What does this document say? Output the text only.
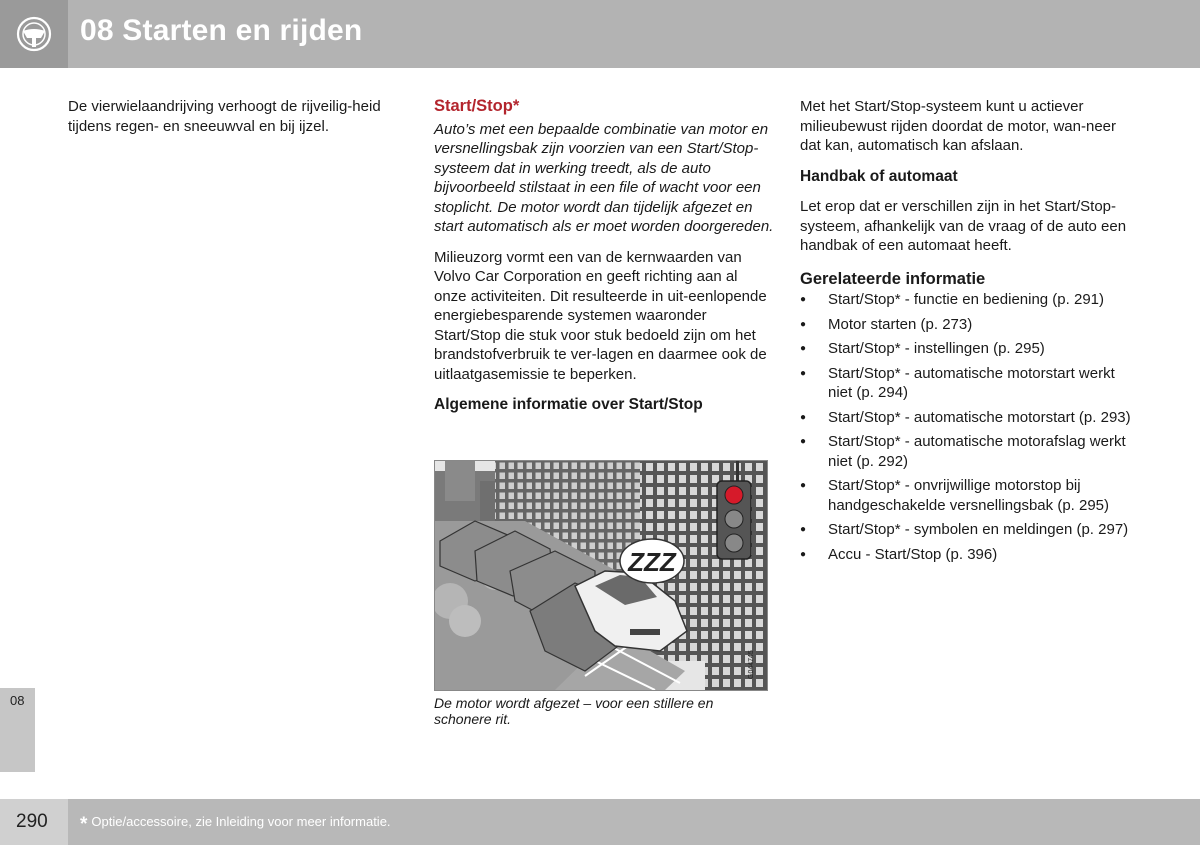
08 Starten en rijden
08

De vierwielaandrijving verhoogt de rijveilig-heid tijdens regen- en sneeuwval en bij ijzel.

Start/Stop*

Auto’s met een bepaalde combinatie van motor en versnellingsbak zijn voorzien van een Start/Stop-systeem dat in werking treedt, als de auto bijvoorbeeld stilstaat in een file of wacht voor een stoplicht. De motor wordt dan tijdelijk afgezet en start automatisch als er moet worden doorgereden.

Milieuzorg vormt een van de kernwaarden van Volvo Car Corporation en geeft richting aan al onze activiteiten. Dit resulteerde in uit-eenlopende energiebesparende systemen waaronder Start/Stop die stuk voor stuk bedoeld zijn om het brandstofverbruik te ver-lagen en daarmee ook de uitlaatgasemissie te beperken.

Algemene informatie over Start/Stop

ZZZ
G044745
De motor wordt afgezet – voor een stillere en schonere rit.

Met het Start/Stop-systeem kunt u actiever milieubewust rijden doordat de motor, wan-neer dat kan, automatisch kan afslaan.

Handbak of automaat

Let erop dat er verschillen zijn in het Start/Stop-systeem, afhankelijk van de vraag of de auto een handbak of een automaat heeft.

Gerelateerde informatie

● Start/Stop* - functie en bediening (p. 291)
● Motor starten (p. 273)
● Start/Stop* - instellingen (p. 295)
● Start/Stop* - automatische motorstart werkt niet (p. 294)
● Start/Stop* - automatische motorstart (p. 293)
● Start/Stop* - automatische motorafslag werkt niet (p. 292)
● Start/Stop* - onvrijwillige motorstop bij handgeschakelde versnellingsbak (p. 295)
● Start/Stop* - symbolen en meldingen (p. 297)
● Accu - Start/Stop (p. 396)
290 * Optie/accessoire, zie Inleiding voor meer informatie.
